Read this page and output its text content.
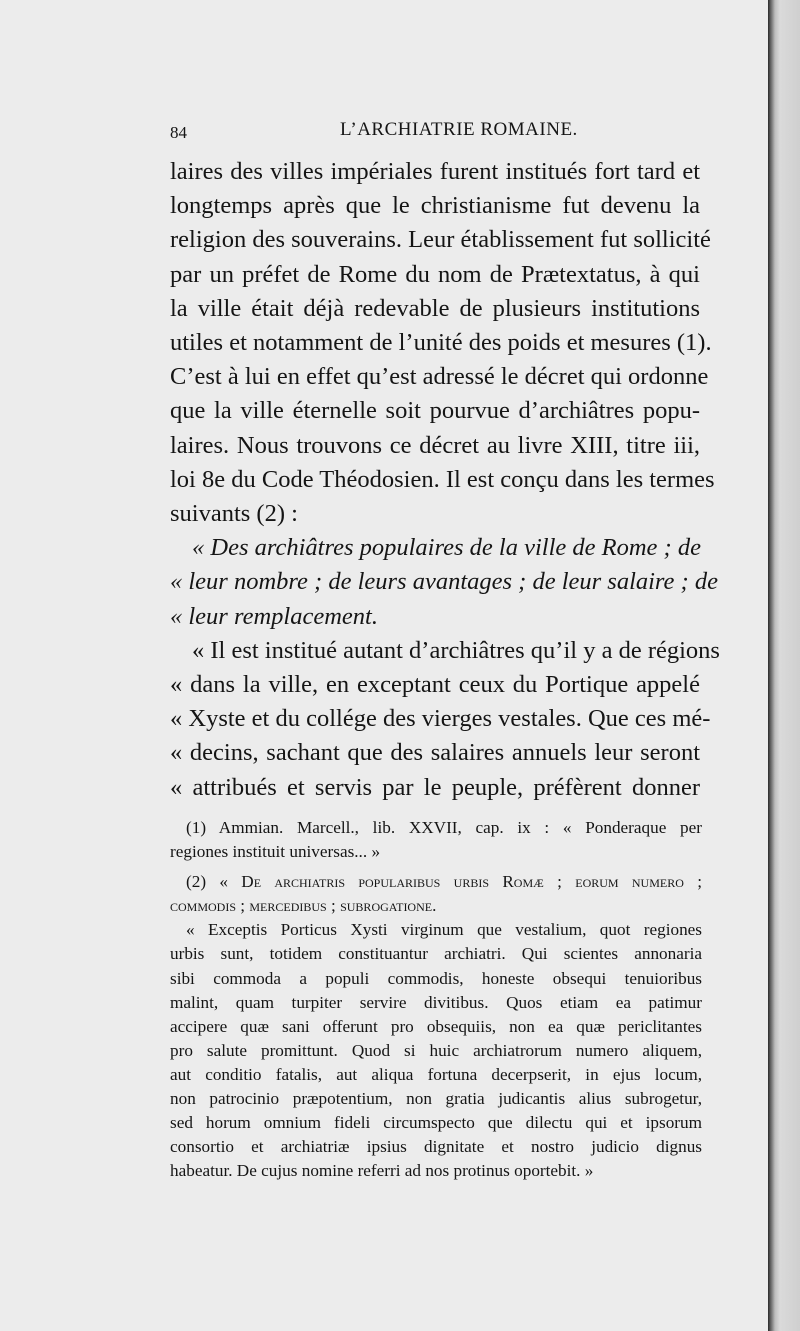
84	L’ARCHIATRIE ROMAINE.
laires des villes impériales furent institués fort tard et
longtemps après que le christianisme fut devenu la
religion des souverains. Leur établissement fut sollicité
par un préfet de Rome du nom de Prætextatus, à qui
la ville était déjà redevable de plusieurs institutions
utiles et notamment de l’unité des poids et mesures (1).
C’est à lui en effet qu’est adressé le décret qui ordonne
que la ville éternelle soit pourvue d’archiâtres popu-
laires. Nous trouvons ce décret au livre XIII, titre iii,
loi 8e du Code Théodosien. Il est conçu dans les termes
suivants (2) :
« Des archiâtres populaires de la ville de Rome ; de
« leur nombre ; de leurs avantages ; de leur salaire ; de
« leur remplacement.
« Il est institué autant d’archiâtres qu’il y a de régions
« dans la ville, en exceptant ceux du Portique appelé
« Xyste et du collége des vierges vestales. Que ces mé-
« decins, sachant que des salaires annuels leur seront
« attribués et servis par le peuple, préfèrent donner
(1) Ammian. Marcell., lib. XXVII, cap. ix : « Ponderaque per
regiones instituit universas... »
(2) « De archiatris popularibus urbis Romæ ; eorum numero ;
commodis ; mercedibus ; subrogatione.
« Exceptis Porticus Xysti virginum que vestalium, quot regiones
urbis sunt, totidem constituantur archiatri. Qui scientes annonaria
sibi commoda a populi commodis, honeste obsequi tenuioribus
malint, quam turpiter servire divitibus. Quos etiam ea patimur
accipere quæ sani offerunt pro obsequiis, non ea quæ periclitantes
pro salute promittunt. Quod si huic archiatrorum numero aliquem,
aut conditio fatalis, aut aliqua fortuna decerpserit, in ejus locum,
non patrocinio præpotentium, non gratia judicantis alius subrogetur,
sed horum omnium fideli circumspecto que dilectu qui et ipsorum
consortio et archiatriæ ipsius dignitate et nostro judicio dignus
habeatur. De cujus nomine referri ad nos protinus oportebit. »
